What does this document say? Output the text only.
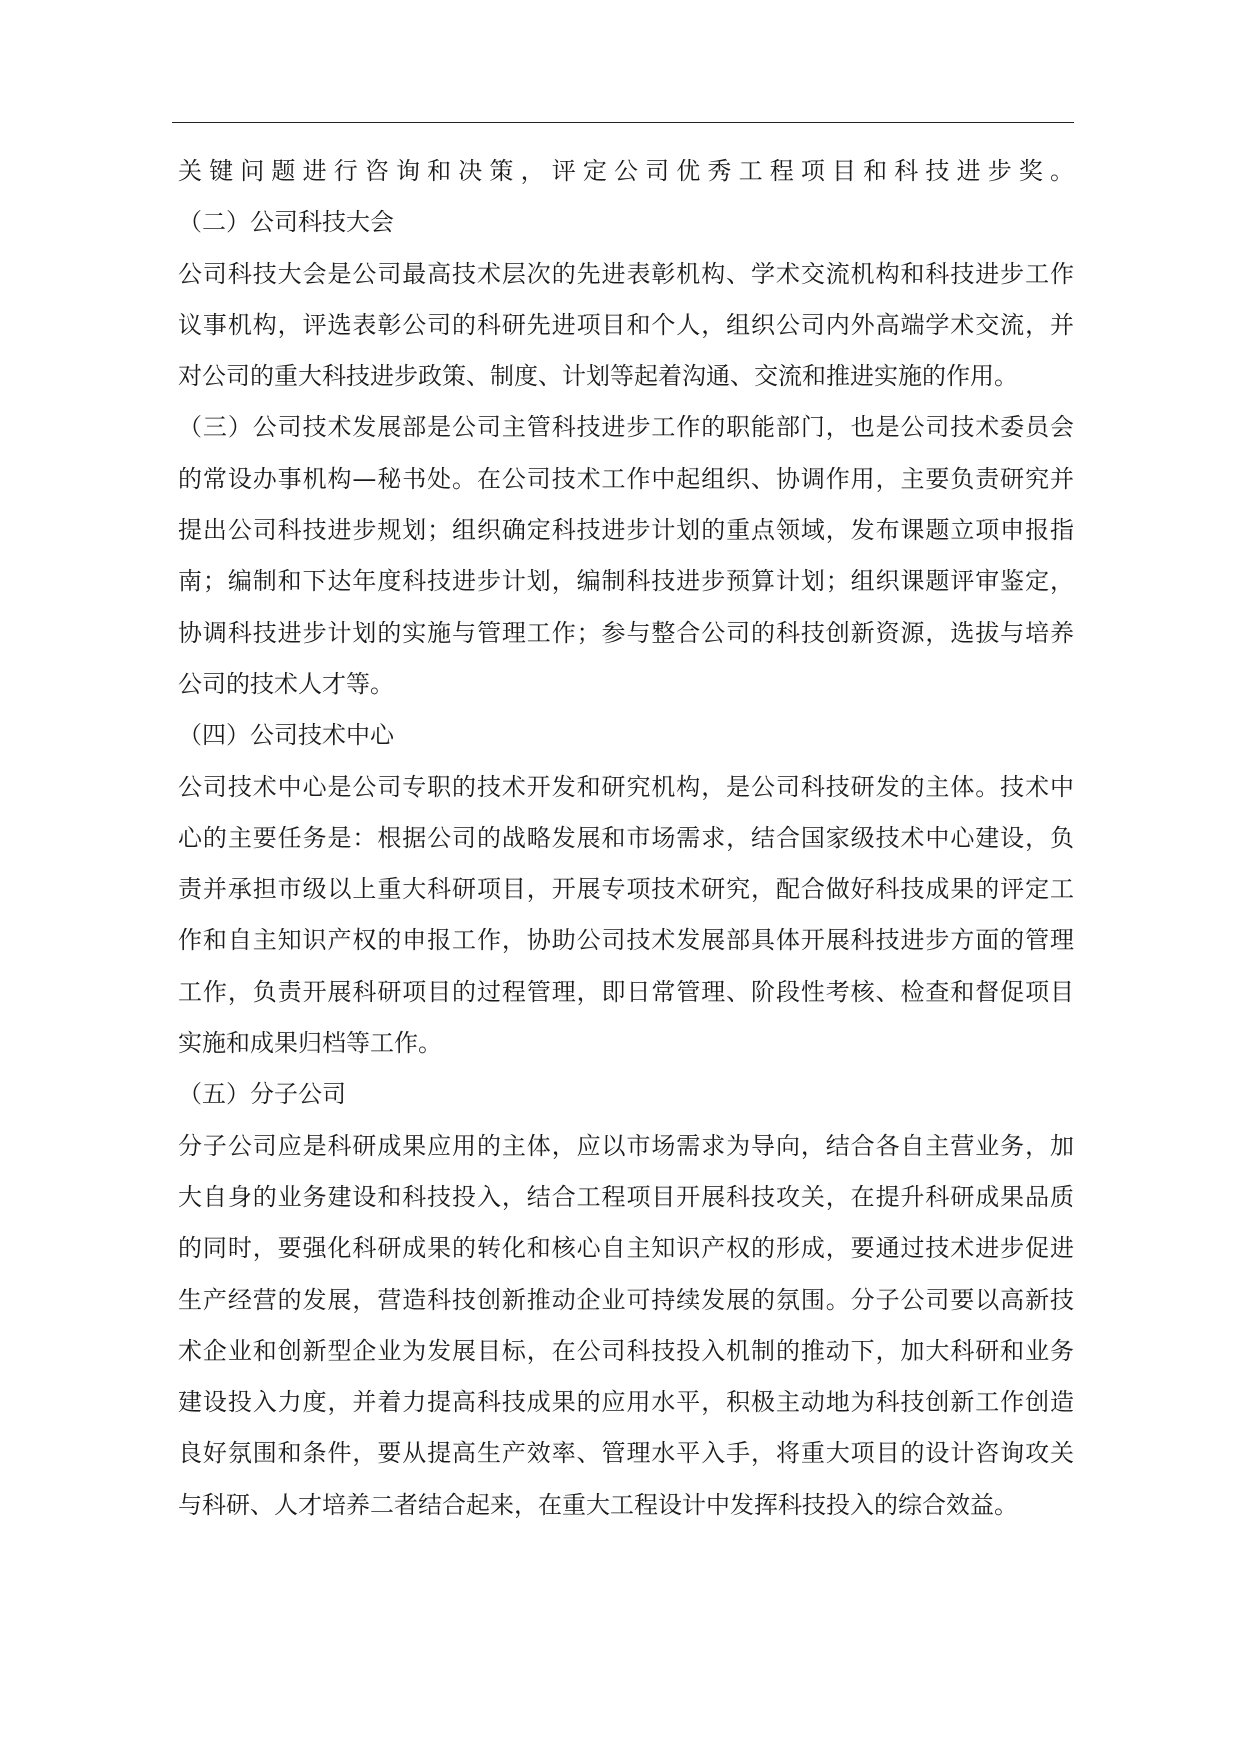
关键问题进行咨询和决策，评定公司优秀工程项目和科技进步奖。
（二）公司科技大会
公司科技大会是公司最高技术层次的先进表彰机构、学术交流机构和科技进步工作
议事机构，评选表彰公司的科研先进项目和个人，组织公司内外高端学术交流，并
对公司的重大科技进步政策、制度、计划等起着沟通、交流和推进实施的作用。
（三）公司技术发展部是公司主管科技进步工作的职能部门，也是公司技术委员会
的常设办事机构—秘书处。在公司技术工作中起组织、协调作用，主要负责研究并
提出公司科技进步规划；组织确定科技进步计划的重点领域，发布课题立项申报指
南；编制和下达年度科技进步计划，编制科技进步预算计划；组织课题评审鉴定，
协调科技进步计划的实施与管理工作；参与整合公司的科技创新资源，选拔与培养
公司的技术人才等。
（四）公司技术中心
公司技术中心是公司专职的技术开发和研究机构，是公司科技研发的主体。技术中
心的主要任务是：根据公司的战略发展和市场需求，结合国家级技术中心建设，负
责并承担市级以上重大科研项目，开展专项技术研究，配合做好科技成果的评定工
作和自主知识产权的申报工作，协助公司技术发展部具体开展科技进步方面的管理
工作，负责开展科研项目的过程管理，即日常管理、阶段性考核、检查和督促项目
实施和成果归档等工作。
（五）分子公司
分子公司应是科研成果应用的主体，应以市场需求为导向，结合各自主营业务，加
大自身的业务建设和科技投入，结合工程项目开展科技攻关，在提升科研成果品质
的同时，要强化科研成果的转化和核心自主知识产权的形成，要通过技术进步促进
生产经营的发展，营造科技创新推动企业可持续发展的氛围。分子公司要以高新技
术企业和创新型企业为发展目标，在公司科技投入机制的推动下，加大科研和业务
建设投入力度，并着力提高科技成果的应用水平，积极主动地为科技创新工作创造
良好氛围和条件，要从提高生产效率、管理水平入手，将重大项目的设计咨询攻关
与科研、人才培养二者结合起来，在重大工程设计中发挥科技投入的综合效益。
